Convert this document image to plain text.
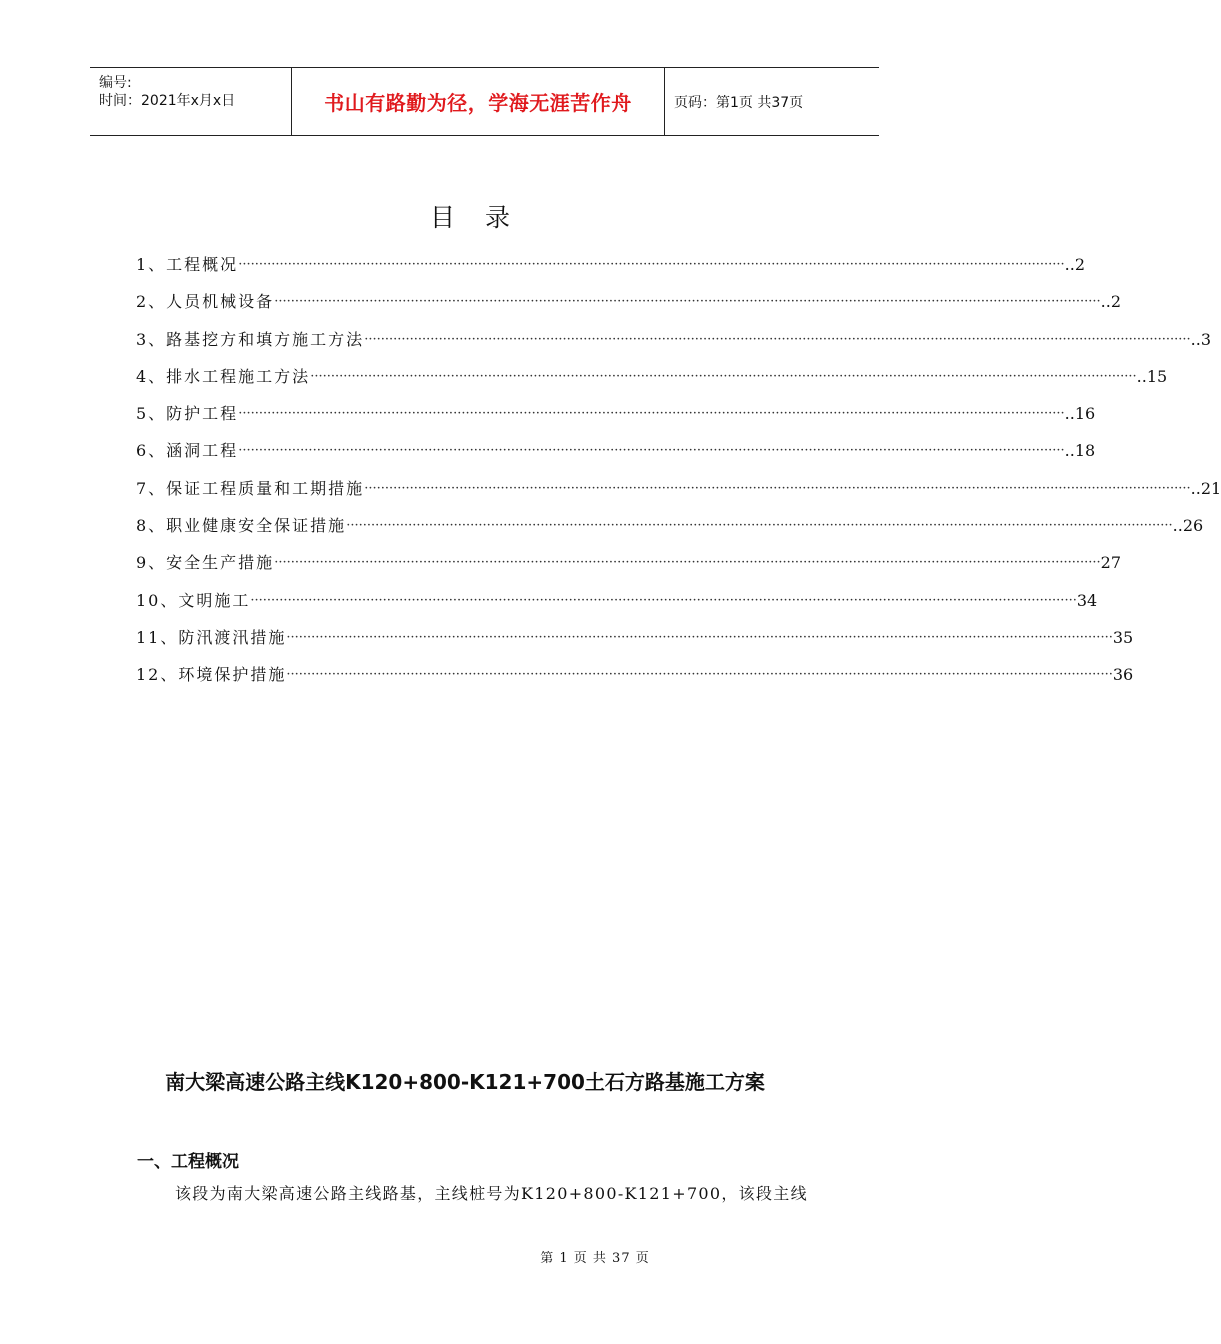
编号:
时间：2021年x月x日	书山有路勤为径，学海无涯苦作舟	页码：第1页 共37页
目录
1、工程概况 ········································································································································································································ ..2
2、人员机械设备 ········································································································································································································ ..2
3、路基挖方和填方施工方法 ········································································································································································································ ..3
4、排水工程施工方法 ········································································································································································································ ..15
5、防护工程 ········································································································································································································ ..16
6、涵洞工程 ········································································································································································································ ..18
7、保证工程质量和工期措施 ········································································································································································································ ..21
8、职业健康安全保证措施 ········································································································································································································ ..26
9、安全生产措施 ········································································································································································································ 27
10、文明施工 ········································································································································································································ 34
11、防汛渡汛措施 ········································································································································································································ 35
12、环境保护措施 ········································································································································································································ 36
南大梁高速公路主线K120+800-K121+700土石方路基施工方案
一、工程概况
该段为南大梁高速公路主线路基，主线桩号为K120+800-K121+700，该段主线
第 1 页 共 37 页
